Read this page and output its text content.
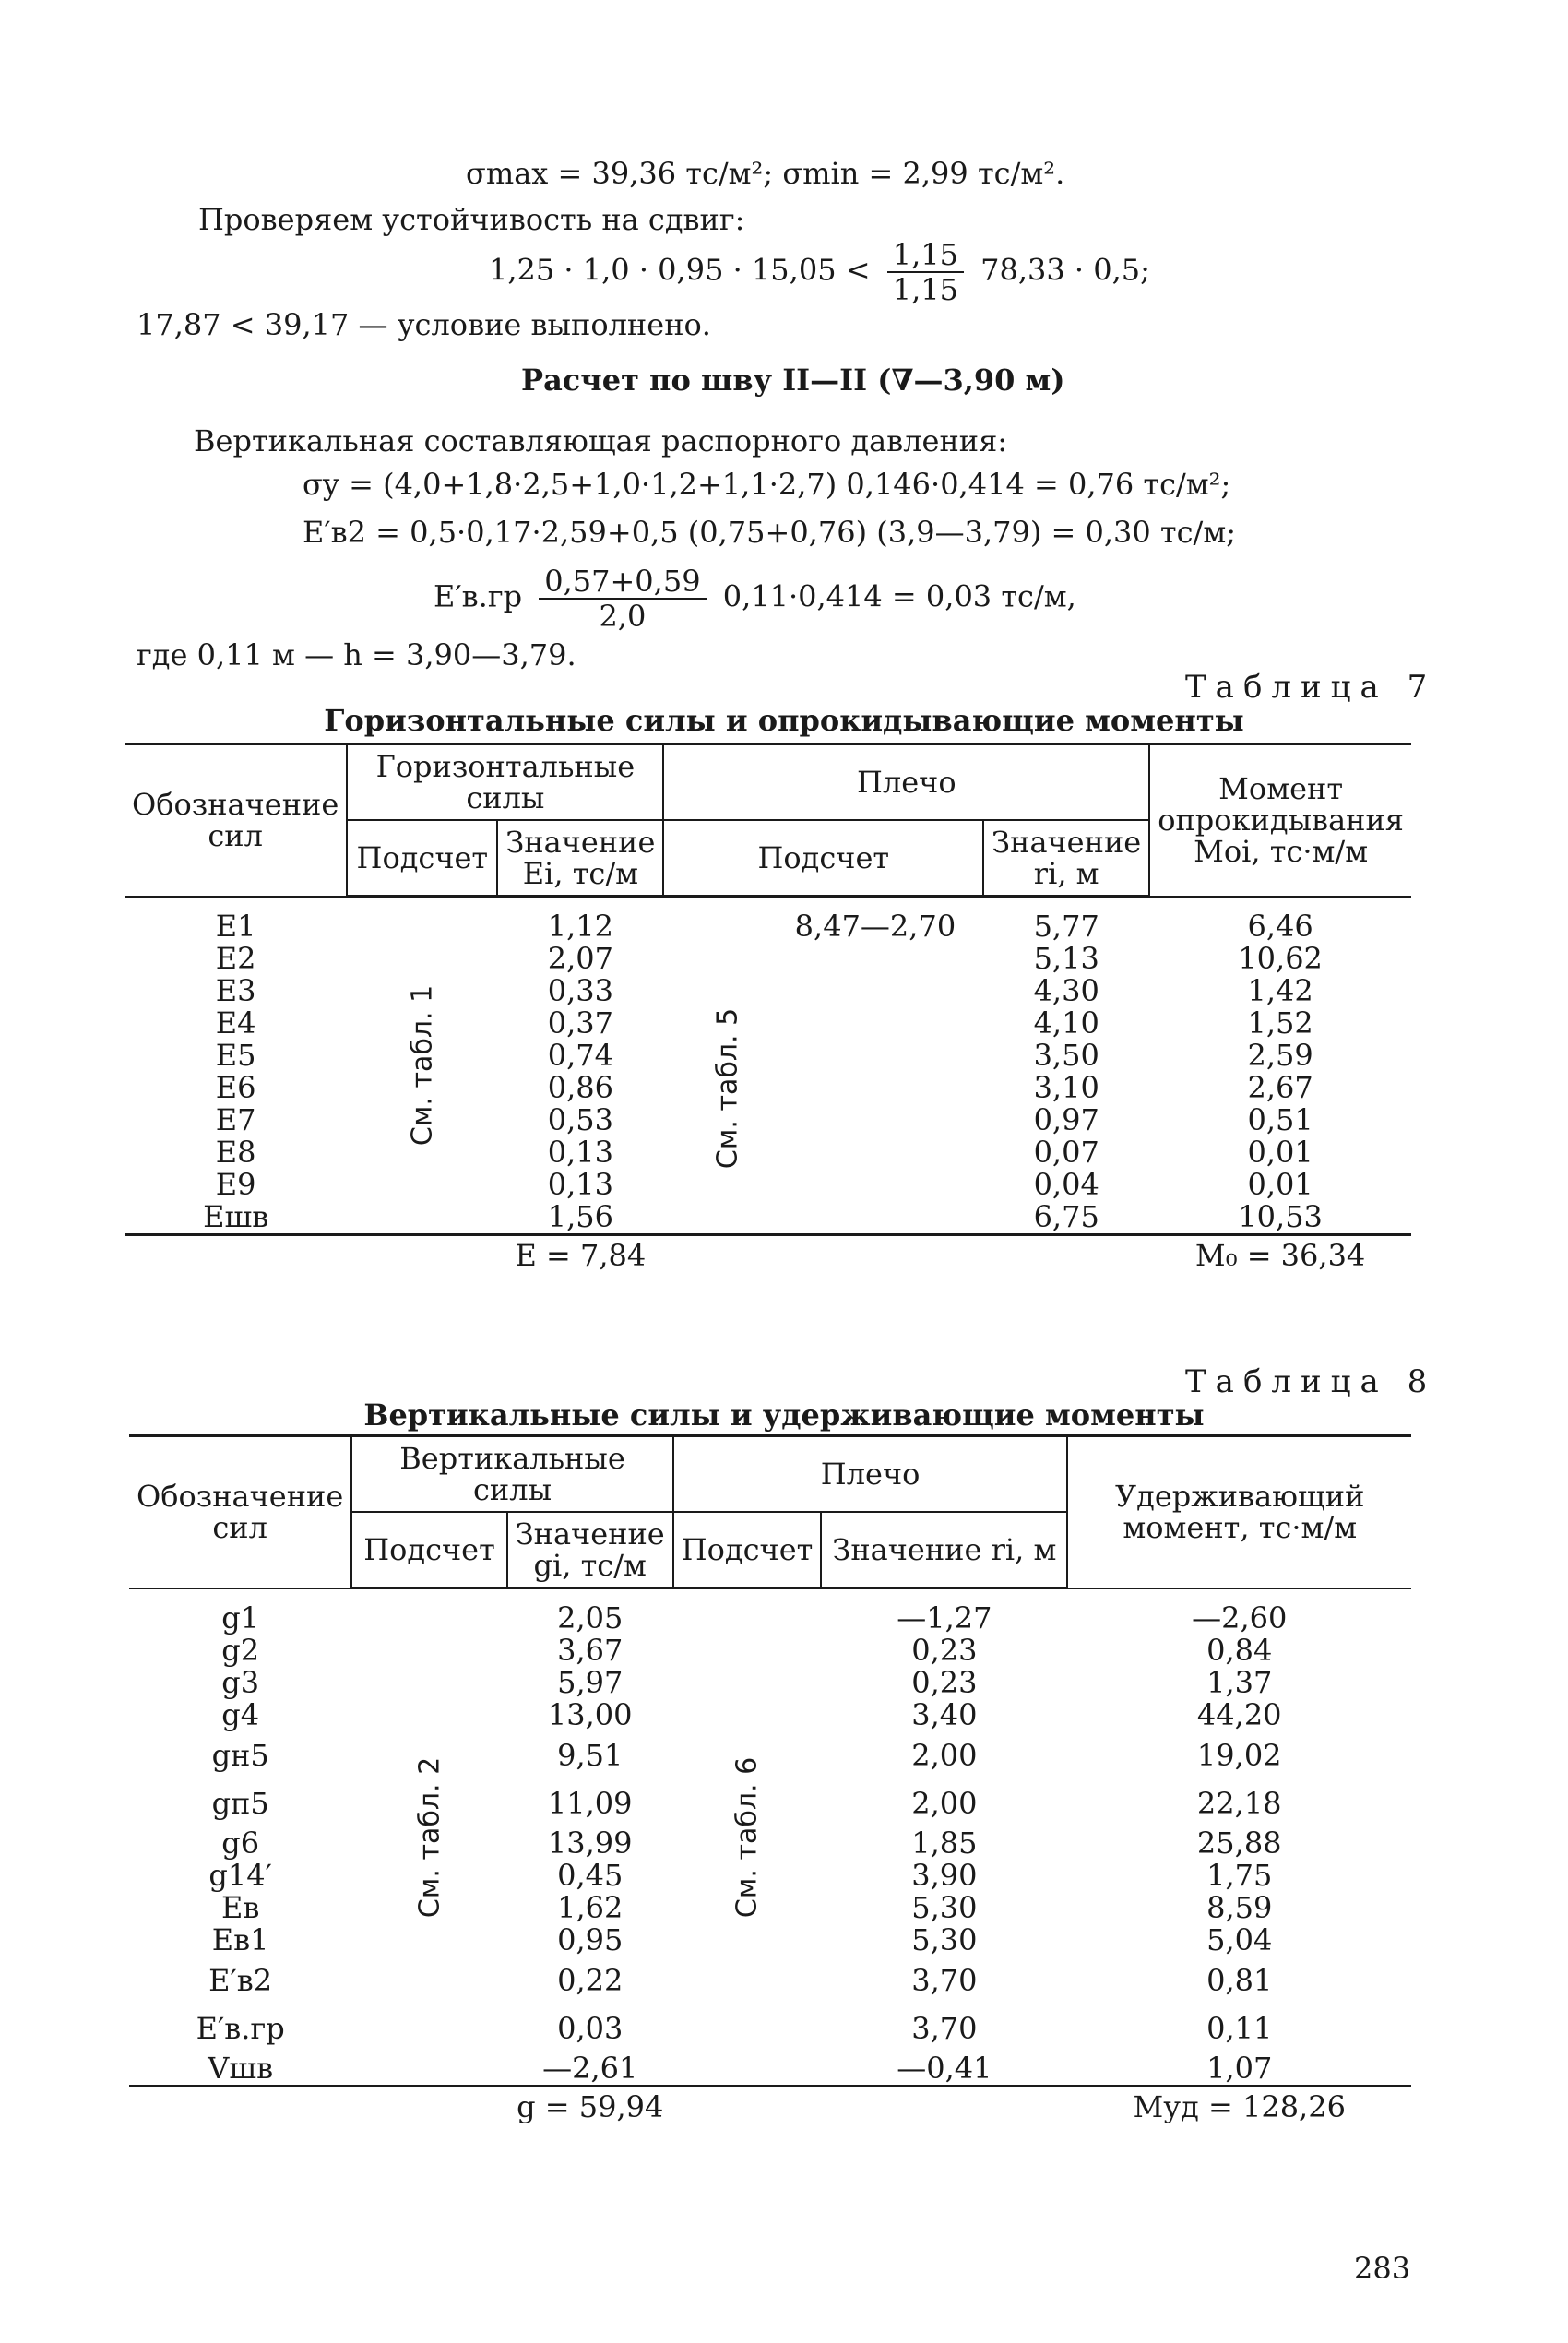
σmax = 39,36 тс/м²; σmin = 2,99 тс/м².
Проверяем устойчивость на сдвиг:
$1,25 \cdot 1,0 \cdot 0,95 \cdot 15,05 < \frac{1,15}{1,15} 78,33 \cdot 0,5$;
17,87 < 39,17 — условие выполнено.
Расчет по шву II—II (∇—3,90 м)
Вертикальная составляющая распорного давления:
σy = (4,0+1,8·2,5+1,0·1,2+1,1·2,7) 0,146·0,414 = 0,76 тс/м²;
E′в2 = 0,5·0,17·2,59+0,5 (0,75+0,76) (3,9—3,79) = 0,30 тс/м;
$E'в.гр \frac{0,57+0,59}{2,0} 0,11\cdot 0,414 = 0,03$ тс/м,
где 0,11 м — h = 3,90—3,79.
Таблица 7
Горизонтальные силы и опрокидывающие моменты
Обозначение сил	Горизонтальные силы		Плечо		Момент опрокидывания Moi, тс·м/м
	Подсчет	Значение Ei, тс/м	Подсчет	Значение ri, м	
E1	См. табл. 1	1,12	8,47—2,70	5,77	6,46
E2		2,07	См. табл. 5	5,13	10,62
E3		0,33		4,30	1,42
E4		0,37		4,10	1,52
E5		0,74		3,50	2,59
E6		0,86		3,10	2,67
E7		0,53		0,97	0,51
E8		0,13		0,07	0,01
E9		0,13		0,04	0,01
Eшв		1,56		6,75	10,53
		E = 7,84			M₀ = 36,34
Таблица 8
Вертикальные силы и удерживающие моменты
Обозначение сил	Вертикальные силы		Плечо		Удерживающий момент, тс·м/м
	Подсчет	Значение gi, тс/м	Подсчет	Значение ri, м	
g1	См. табл. 2	2,05	См. табл. 6	—1,27	—2,60
g2		3,67		0,23	0,84
g3		5,97		0,23	1,37
g4		13,00		3,40	44,20
gн5		9,51		2,00	19,02
gп5		11,09		2,00	22,18
g6		13,99		1,85	25,88
g14′		0,45		3,90	1,75
Eв		1,62		5,30	8,59
Eв1		0,95		5,30	5,04
E′в2		0,22		3,70	0,81
E′в.гр		0,03		3,70	0,11
Vшв		—2,61		—0,41	1,07
		g = 59,94			Mуд = 128,26
283
